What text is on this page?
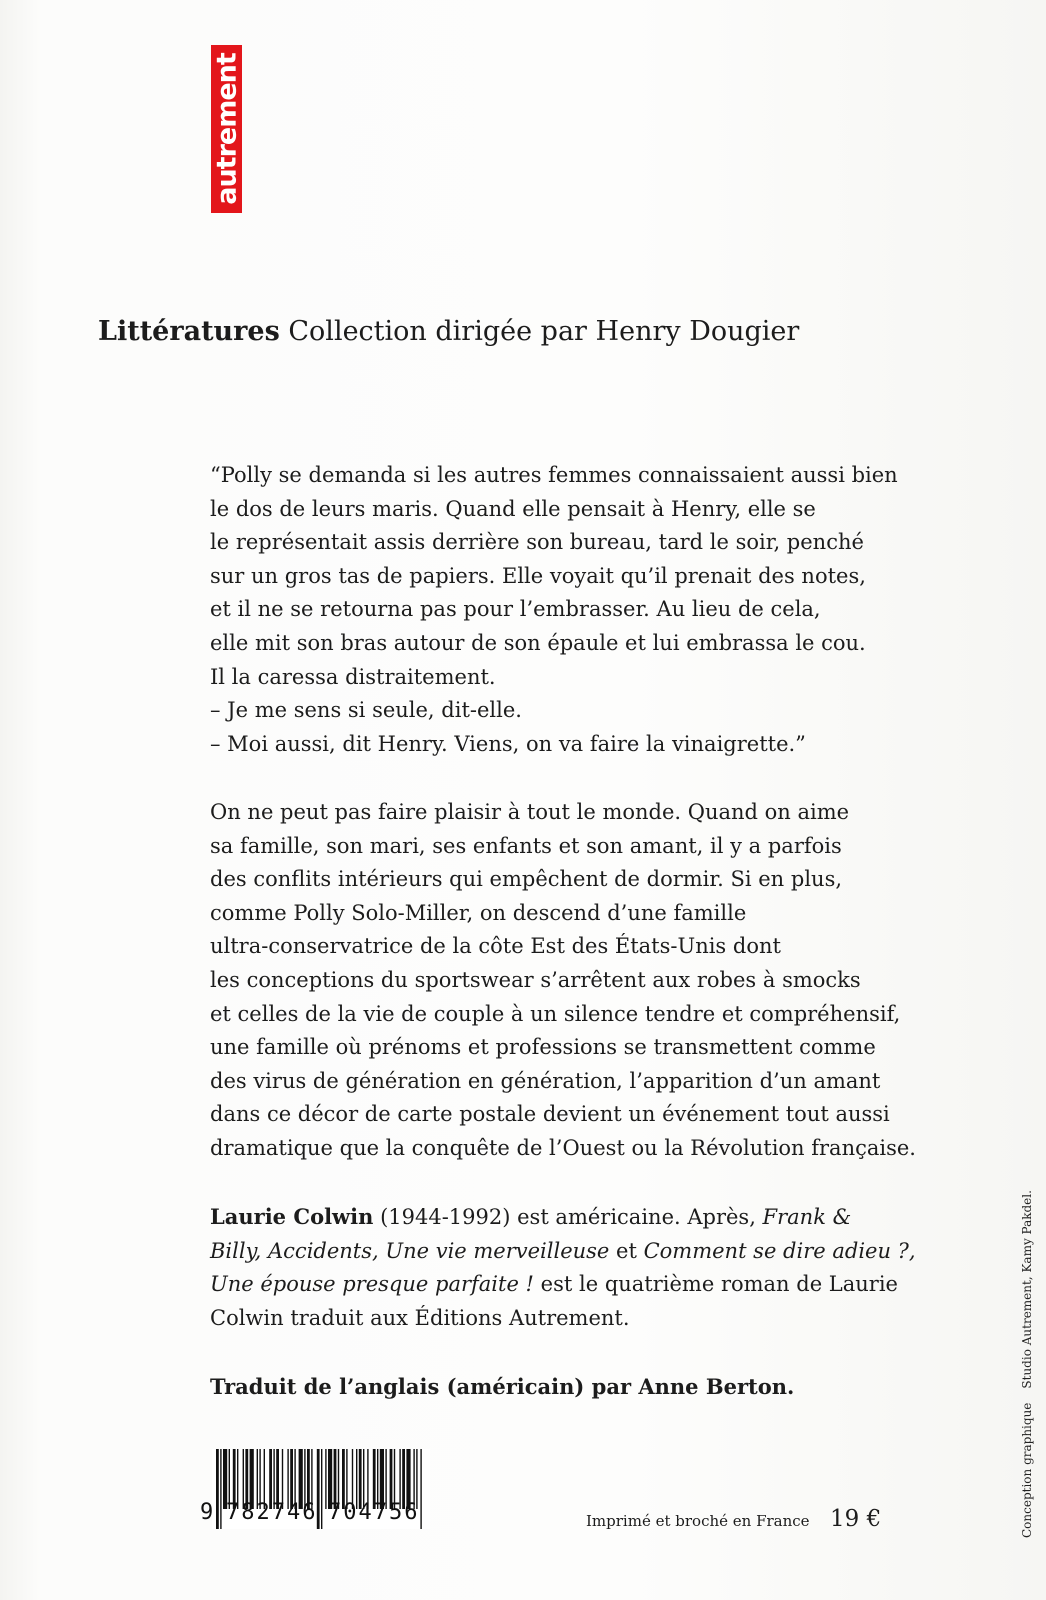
autrement
Littératures Collection dirigée par Henry Dougier
“Polly se demanda si les autres femmes connaissaient aussi bien
le dos de leurs maris. Quand elle pensait à Henry, elle se
le représentait assis derrière son bureau, tard le soir, penché
sur un gros tas de papiers. Elle voyait qu’il prenait des notes,
et il ne se retourna pas pour l’embrasser. Au lieu de cela,
elle mit son bras autour de son épaule et lui embrassa le cou.
Il la caressa distraitement.
– Je me sens si seule, dit-elle.
– Moi aussi, dit Henry. Viens, on va faire la vinaigrette.”
On ne peut pas faire plaisir à tout le monde. Quand on aime
sa famille, son mari, ses enfants et son amant, il y a parfois
des conflits intérieurs qui empêchent de dormir. Si en plus,
comme Polly Solo-Miller, on descend d’une famille
ultra-conservatrice de la côte Est des États-Unis dont
les conceptions du sportswear s’arrêtent aux robes à smocks
et celles de la vie de couple à un silence tendre et compréhensif,
une famille où prénoms et professions se transmettent comme
des virus de génération en génération, l’apparition d’un amant
dans ce décor de carte postale devient un événement tout aussi
dramatique que la conquête de l’Ouest ou la Révolution française.
Laurie Colwin (1944-1992) est américaine. Après, Frank &
Billy, Accidents, Une vie merveilleuse et Comment se dire adieu ?,
Une épouse presque parfaite ! est le quatrième roman de Laurie
Colwin traduit aux Éditions Autrement.
Traduit de l’anglais (américain) par Anne Berton.
9 782746 704756	Imprimé et broché en France 19 €	Conception graphiqueStudio Autrement, Kamy Pakdel.
